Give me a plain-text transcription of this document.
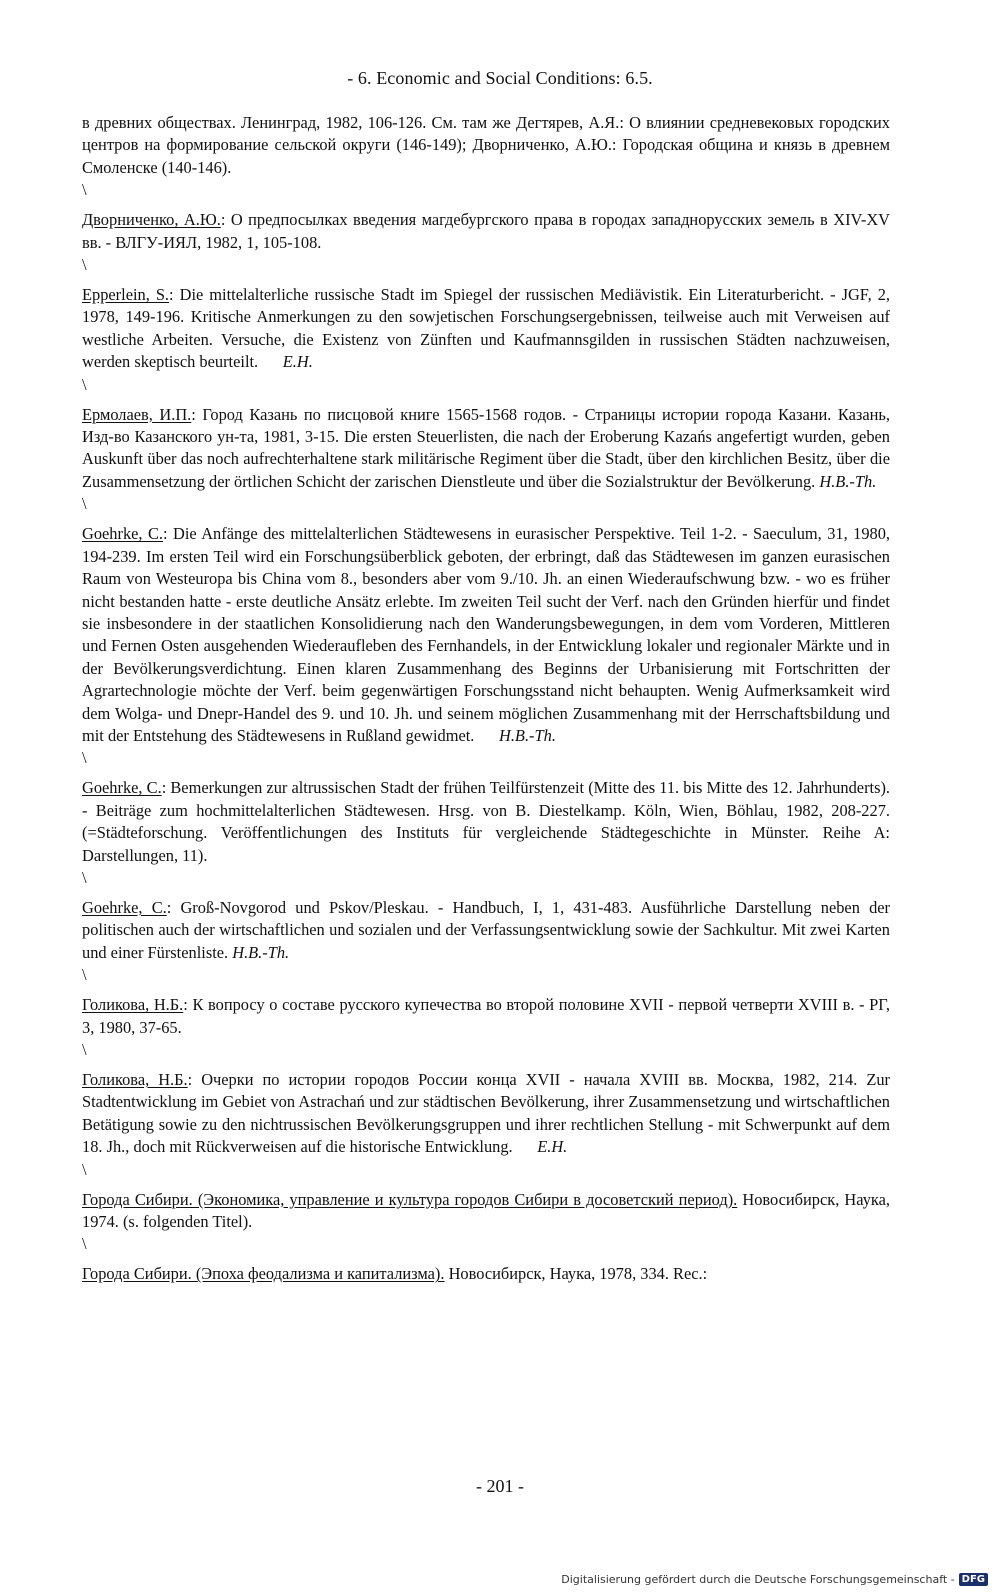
- 6. Economic and Social Conditions: 6.5.

в древних обществах. Ленинград, 1982, 106-126. См. там же Дегтярев, А.Я.: О влиянии средневековых городских центров на формирование сельской округи (146-149); Дворниченко, А.Ю.: Городская община и князь в древнем Смоленске (140-146).

\

Дворниченко, А.Ю.: О предпосылках введения магдебургского права в городах западнорусских земель в XIV-XV вв. - ВЛГУ-ИЯЛ, 1982, 1, 105-108.

\

Epperlein, S.: Die mittelalterliche russische Stadt im Spiegel der russischen Mediävistik. Ein Literaturbericht. - JGF, 2, 1978, 149-196. Kritische Anmerkungen zu den sowjetischen Forschungsergebnissen, teilweise auch mit Verweisen auf westliche Arbeiten. Versuche, die Existenz von Zünften und Kaufmannsgilden in russischen Städten nachzuweisen, werden skeptisch beurteilt. E.H.

\

Ермолаев, И.П.: Город Казань по писцовой книге 1565-1568 годов. - Страницы истории города Казани. Казань, Изд-во Казанского ун-та, 1981, 3-15. Die ersten Steuerlisten, die nach der Eroberung Kazańs angefertigt wurden, geben Auskunft über das noch aufrechterhaltene stark militärische Regiment über die Stadt, über den kirchlichen Besitz, über die Zusammensetzung der örtlichen Schicht der zarischen Dienstleute und über die Sozialstruktur der Bevölkerung. H.B.-Th.

\

Goehrke, C.: Die Anfänge des mittelalterlichen Städtewesens in eurasischer Perspektive. Teil 1-2. - Saeculum, 31, 1980, 194-239. Im ersten Teil wird ein Forschungsüberblick geboten, der erbringt, daß das Städtewesen im ganzen eurasischen Raum von Westeuropa bis China vom 8., besonders aber vom 9./10. Jh. an einen Wiederaufschwung bzw. - wo es früher nicht bestanden hatte - erste deutliche Ansätz erlebte. Im zweiten Teil sucht der Verf. nach den Gründen hierfür und findet sie insbesondere in der staatlichen Konsolidierung nach den Wanderungsbewegungen, in dem vom Vorderen, Mittleren und Fernen Osten ausgehenden Wiederaufleben des Fernhandels, in der Entwicklung lokaler und regionaler Märkte und in der Bevölkerungsverdichtung. Einen klaren Zusammenhang des Beginns der Urbanisierung mit Fortschritten der Agrartechnologie möchte der Verf. beim gegenwärtigen Forschungsstand nicht behaupten. Wenig Aufmerksamkeit wird dem Wolga- und Dnepr-Handel des 9. und 10. Jh. und seinem möglichen Zusammenhang mit der Herrschaftsbildung und mit der Entstehung des Städtewesens in Rußland gewidmet. H.B.-Th.

\

Goehrke, C.: Bemerkungen zur altrussischen Stadt der frühen Teilfürstenzeit (Mitte des 11. bis Mitte des 12. Jahrhunderts). - Beiträge zum hochmittelalterlichen Städtewesen. Hrsg. von B. Diestelkamp. Köln, Wien, Böhlau, 1982, 208-227. (=Städteforschung. Veröffentlichungen des Instituts für vergleichende Städtegeschichte in Münster. Reihe A: Darstellungen, 11).

\

Goehrke, C.: Groß-Novgorod und Pskov/Pleskau. - Handbuch, I, 1, 431-483. Ausführliche Darstellung neben der politischen auch der wirtschaftlichen und sozialen und der Verfassungsentwicklung sowie der Sachkultur. Mit zwei Karten und einer Fürstenliste. H.B.-Th.

\

Голикова, Н.Б.: К вопросу о составе русского купечества во второй половине XVII - первой четверти XVIII в. - РГ, 3, 1980, 37-65.

\

Голикова, Н.Б.: Очерки по истории городов России конца XVII - начала XVIII вв. Москва, 1982, 214. Zur Stadtentwicklung im Gebiet von Astrachań und zur städtischen Bevölkerung, ihrer Zusammensetzung und wirtschaftlichen Betätigung sowie zu den nichtrussischen Bevölkerungsgruppen und ihrer rechtlichen Stellung - mit Schwerpunkt auf dem 18. Jh., doch mit Rückverweisen auf die historische Entwicklung. E.H.

\

Города Сибири. (Экономика, управление и культура городов Сибири в досоветский период). Новосибирск, Наука, 1974. (s. folgenden Titel).

\

Города Сибири. (Эпоха феодализма и капитализма). Новосибирск, Наука, 1978, 334. Rec.:

- 201 -
Digitalisierung gefördert durch die Deutsche Forschungsgemeinschaft - DFG
